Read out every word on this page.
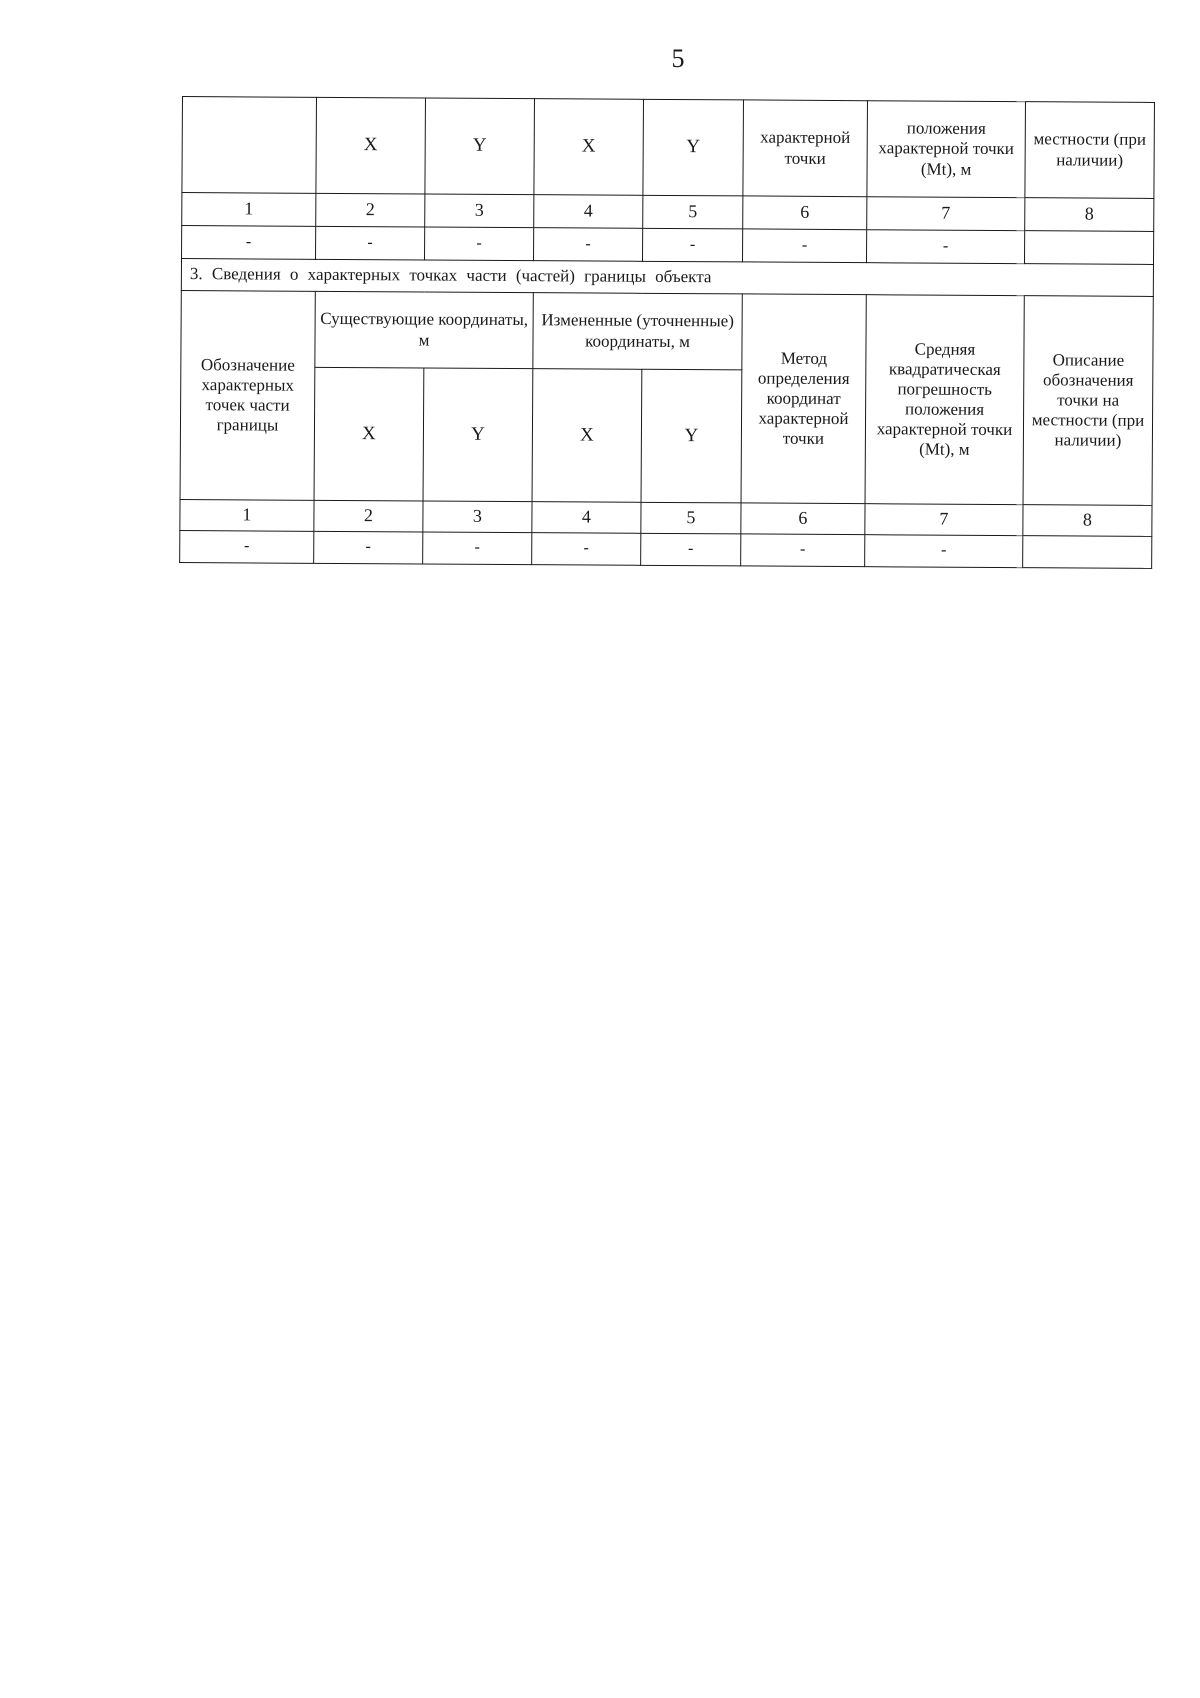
5
	X	Y	X	Y	характерной точки	положения характерной точки (Mt), м	местности (при наличии)
1	2	3	4	5	6	7	8
-	-	-	-	-	-	-	
3. Сведения о характерных точках части (частей) границы объекта							
Обозначение характерных точек части границы	Существующие координаты, м		Измененные (уточненные) координаты, м		Метод определения координат характерной точки	Средняя квадратическая погрешность положения характерной точки (Mt), м	Описание обозначения точки на местности (при наличии)
	X	Y	X	Y			
1	2	3	4	5	6	7	8
-	-	-	-	-	-	-	
